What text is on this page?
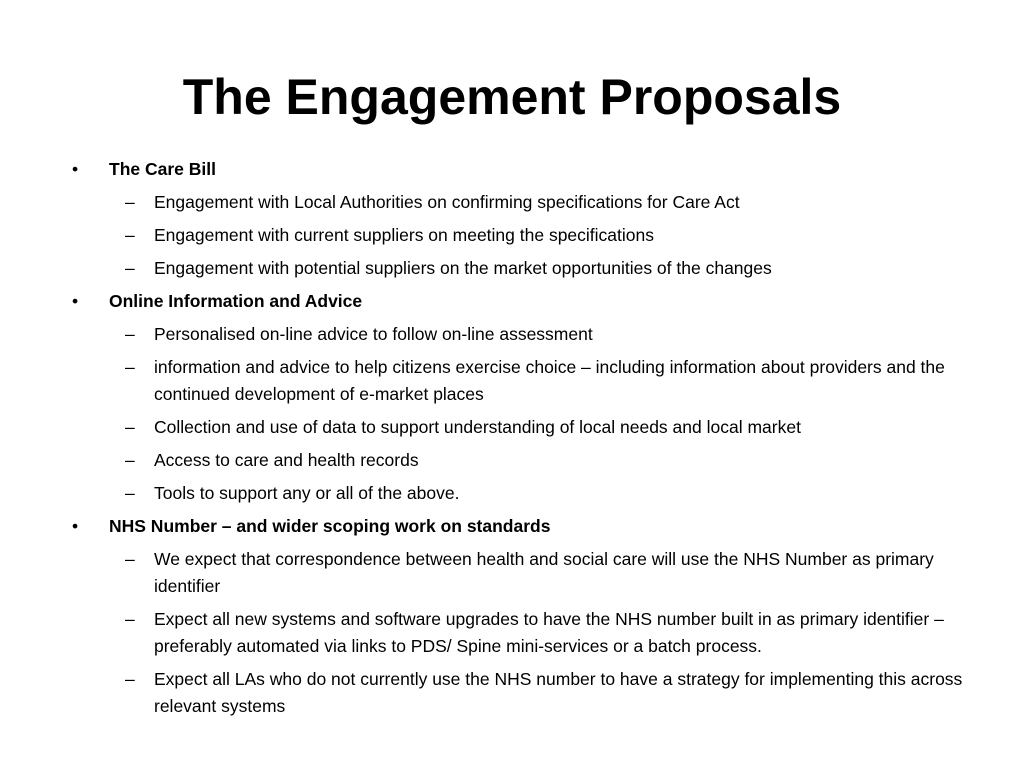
The Engagement Proposals
• The Care Bill
– Engagement with Local Authorities on confirming specifications for Care Act
– Engagement with current suppliers on meeting the specifications
– Engagement with potential suppliers on the market opportunities of the changes
• Online Information and Advice
– Personalised on-line advice to follow on-line assessment
– information and advice to help citizens exercise choice – including information about providers and the continued development of e-market places
– Collection and use of data to support understanding of local needs and local market
– Access to care and health records
– Tools to support any or all of the above.
• NHS Number – and wider scoping work on standards
– We expect that correspondence between health and social care will use the NHS Number as primary identifier
– Expect all new systems and software upgrades to have the NHS number built in as primary identifier – preferably automated via links to PDS/ Spine mini-services or a batch process.
– Expect all LAs who do not currently use the NHS number to have a strategy for implementing this across relevant systems
